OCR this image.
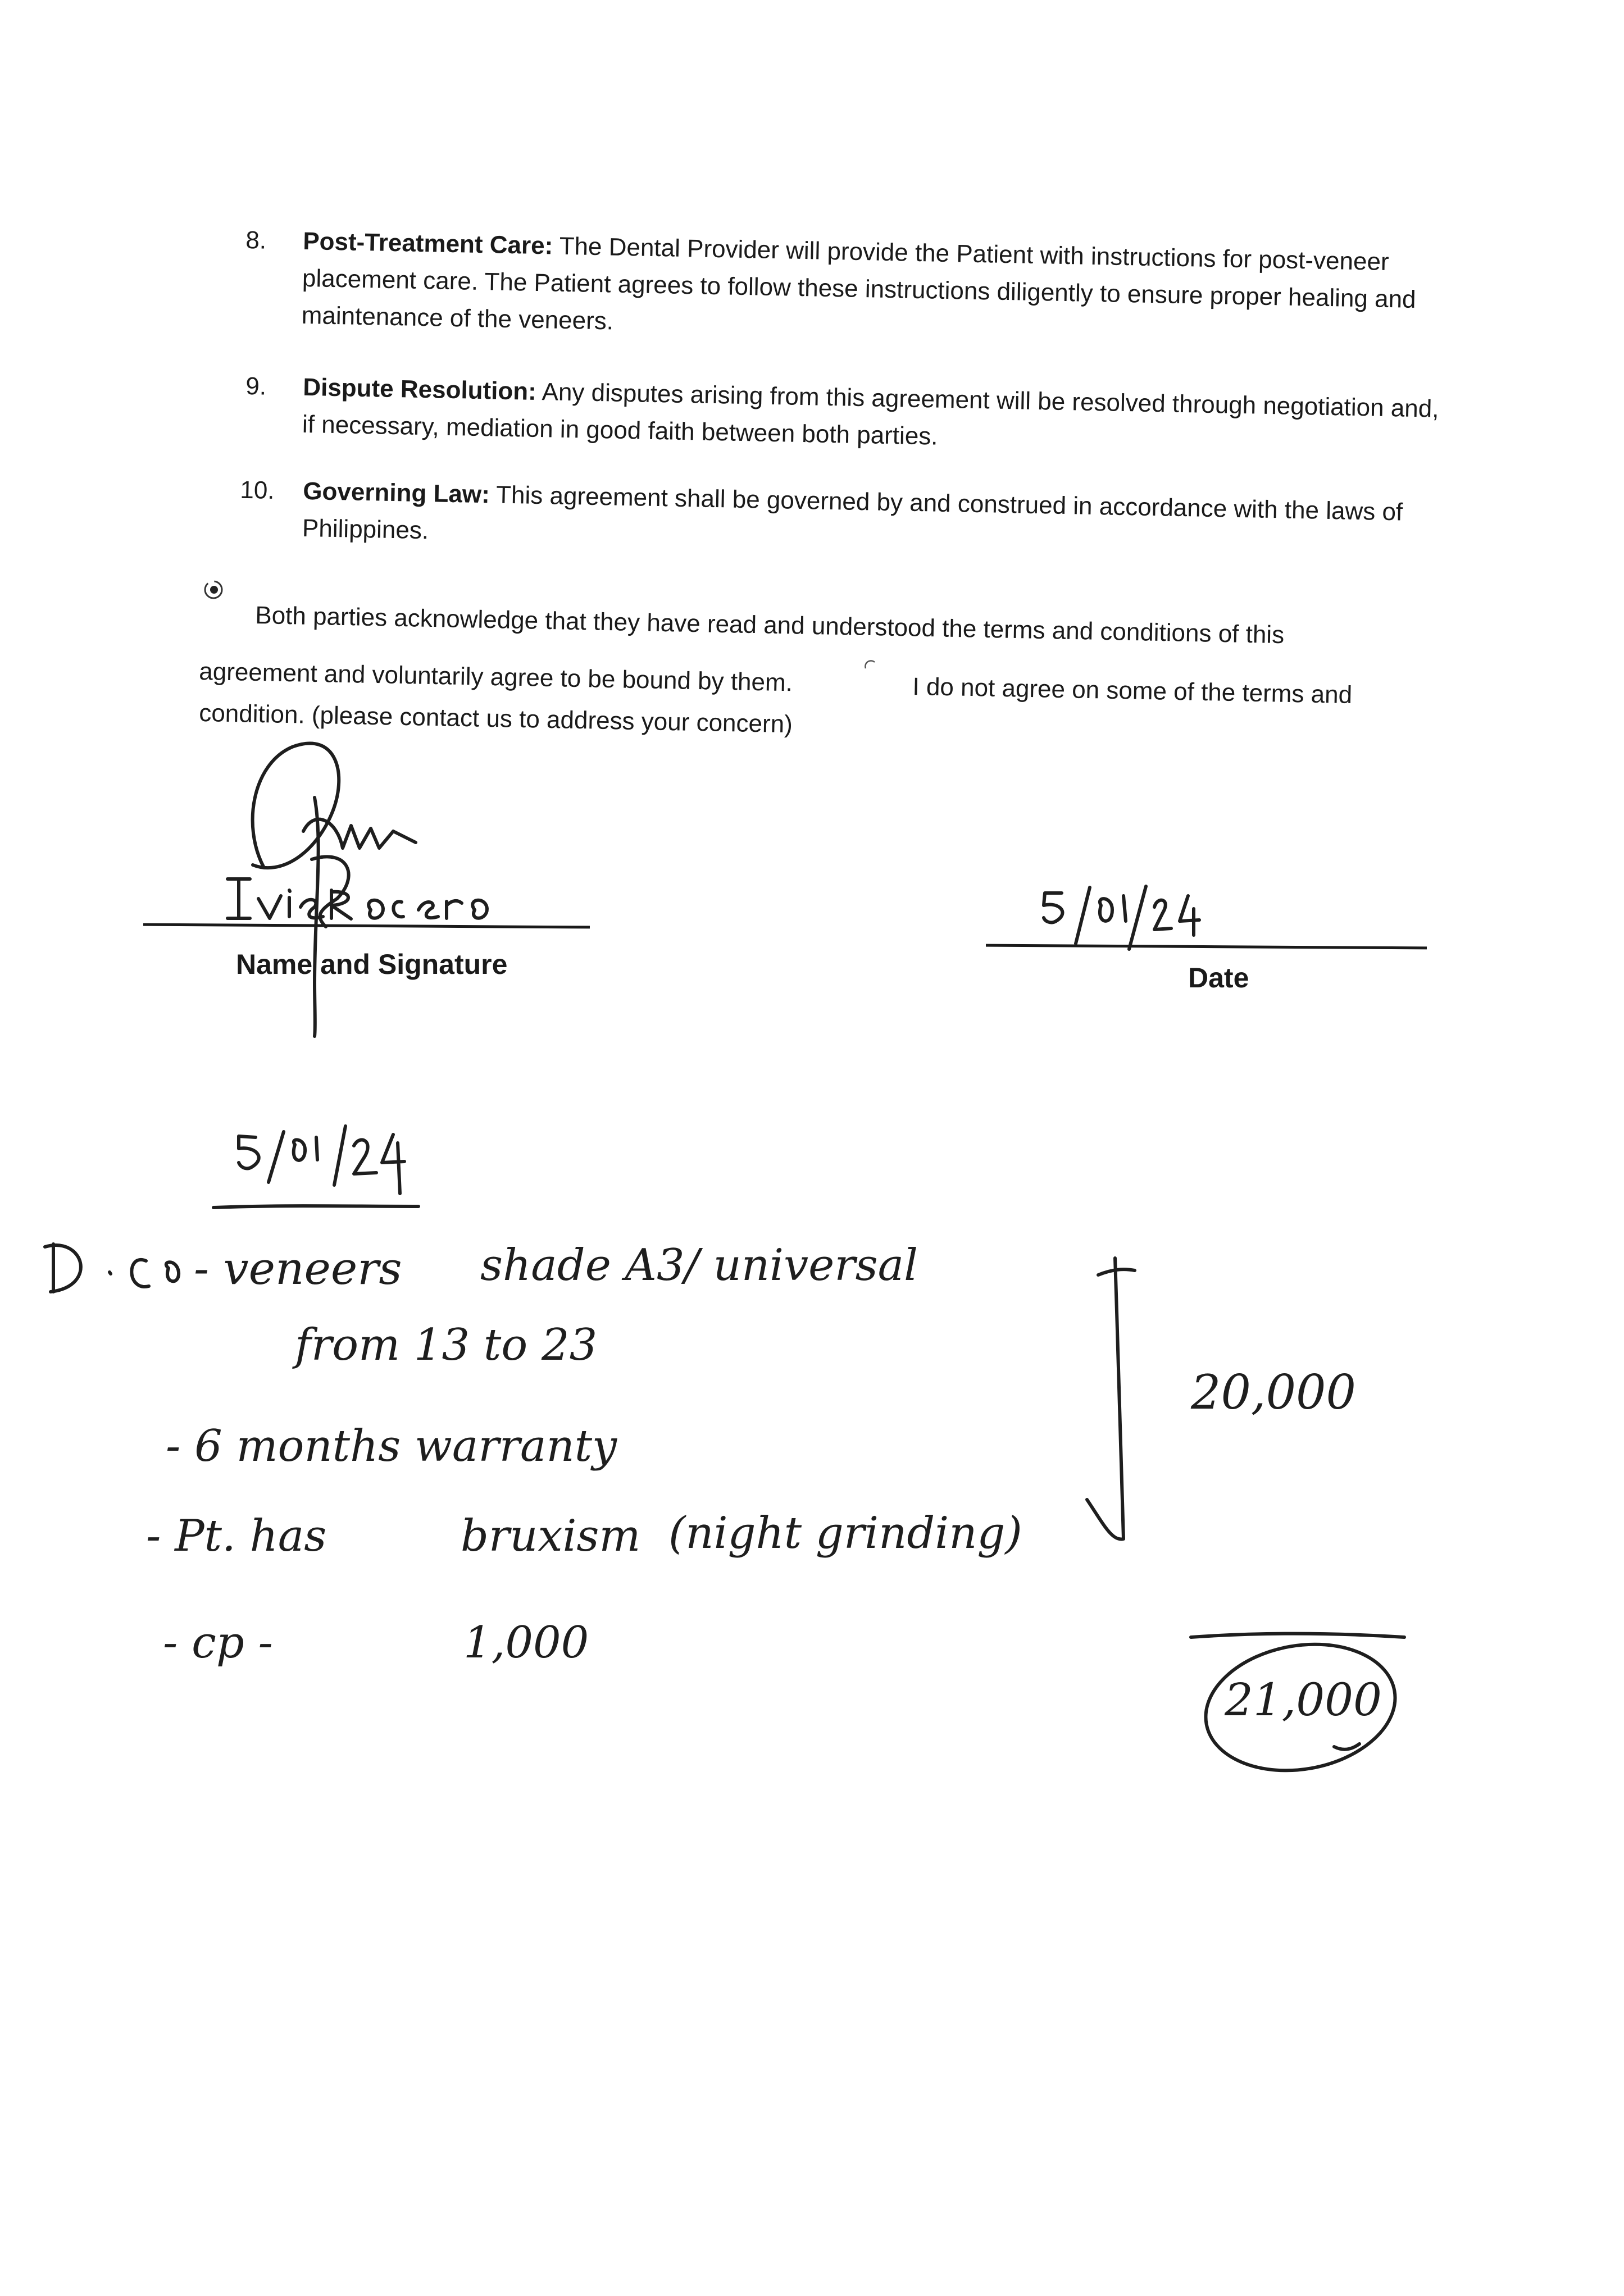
8. Post-Treatment Care: The Dental Provider will provide the Patient with instructions for post-veneer placement care. The Patient agrees to follow these instructions diligently to ensure proper healing and maintenance of the veneers.
9. Dispute Resolution: Any disputes arising from this agreement will be resolved through negotiation and, if necessary, mediation in good faith between both parties.
10. Governing Law: This agreement shall be governed by and construed in accordance with the laws of Philippines.
Both parties acknowledge that they have read and understood the terms and conditions of this
agreement and voluntarily agree to be bound by them.	I do not agree on some of the terms and
condition. (please contact us to address your concern)
Name and Signature	Date
- veneers shade A3/ universal
from 13 to 23
- 6 months warranty
- Pt. has	bruxism (night grinding)
- cp -	1,000
20,000
21,000
